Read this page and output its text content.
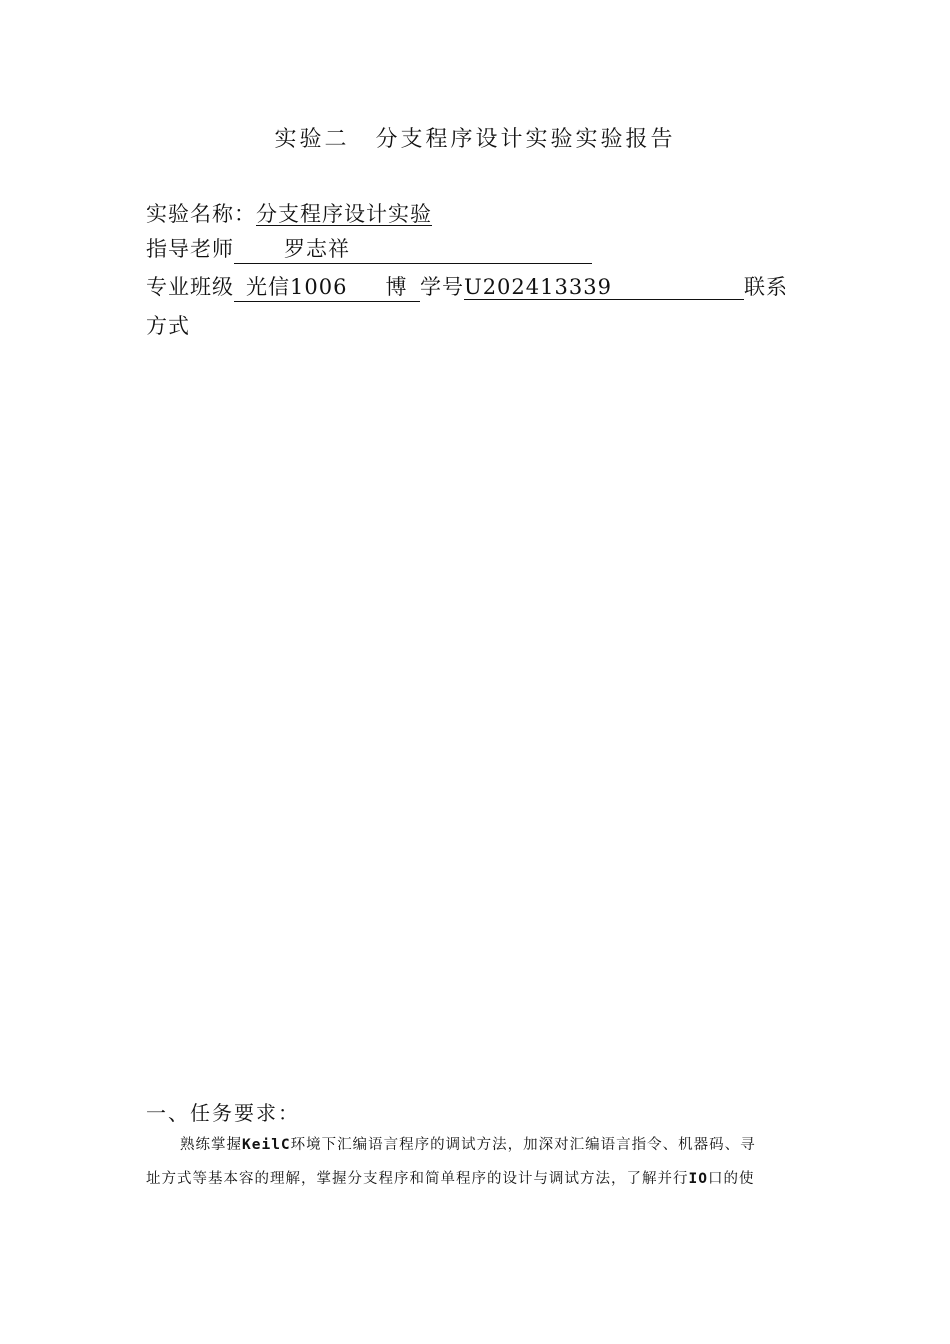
实验二 分支程序设计实验实验报告
实验名称：分支程序设计实验
指导老师 罗志祥
专业班级 光信1006 博 学号U202413339	联系
方式
一、任务要求：
熟练掌握KeilC环境下汇编语言程序的调试方法，加深对汇编语言指令、机器码、寻
址方式等基本容的理解，掌握分支程序和简单程序的设计与调试方法，了解并行IO口的使
